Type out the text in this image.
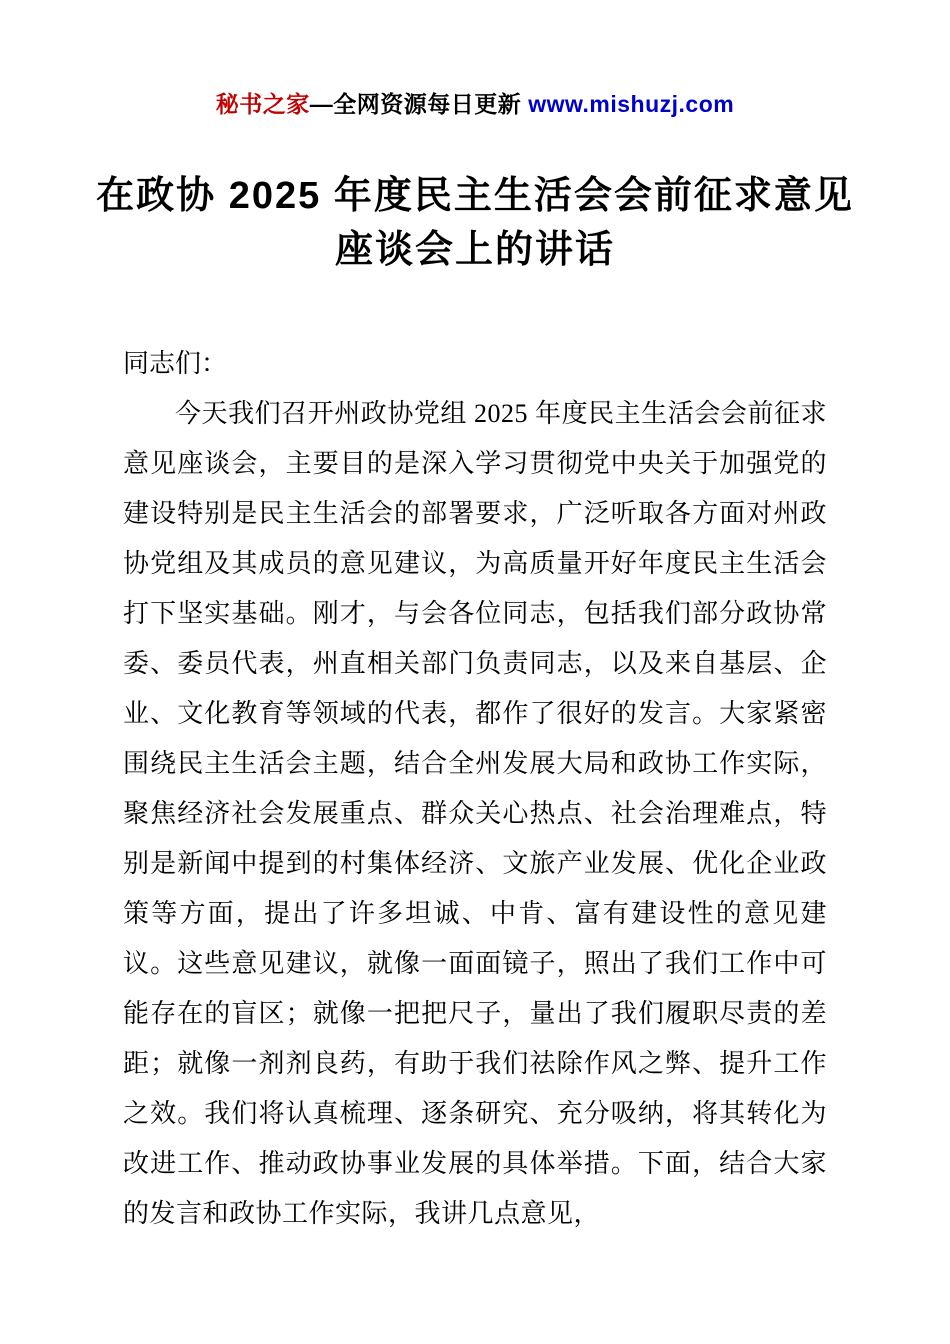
秘书之家—全网资源每日更新 www.mishuzj.com
在政协 2025 年度民主生活会会前征求意见
座谈会上的讲话

同志们：

今天我们召开州政协党组 2025 年度民主生活会会前征求意见座谈会，主要目的是深入学习贯彻党中央关于加强党的建设特别是民主生活会的部署要求，广泛听取各方面对州政协党组及其成员的意见建议，为高质量开好年度民主生活会打下坚实基础。刚才，与会各位同志，包括我们部分政协常委、委员代表，州直相关部门负责同志，以及来自基层、企业、文化教育等领域的代表，都作了很好的发言。大家紧密围绕民主生活会主题，结合全州发展大局和政协工作实际，聚焦经济社会发展重点、群众关心热点、社会治理难点，特别是新闻中提到的村集体经济、文旅产业发展、优化企业政策等方面，提出了许多坦诚、中肯、富有建设性的意见建议。这些意见建议，就像一面面镜子，照出了我们工作中可能存在的盲区；就像一把把尺子，量出了我们履职尽责的差距；就像一剂剂良药，有助于我们祛除作风之弊、提升工作之效。我们将认真梳理、逐条研究、充分吸纳，将其转化为改进工作、推动政协事业发展的具体举措。下面，结合大家的发言和政协工作实际，我讲几点意见，
